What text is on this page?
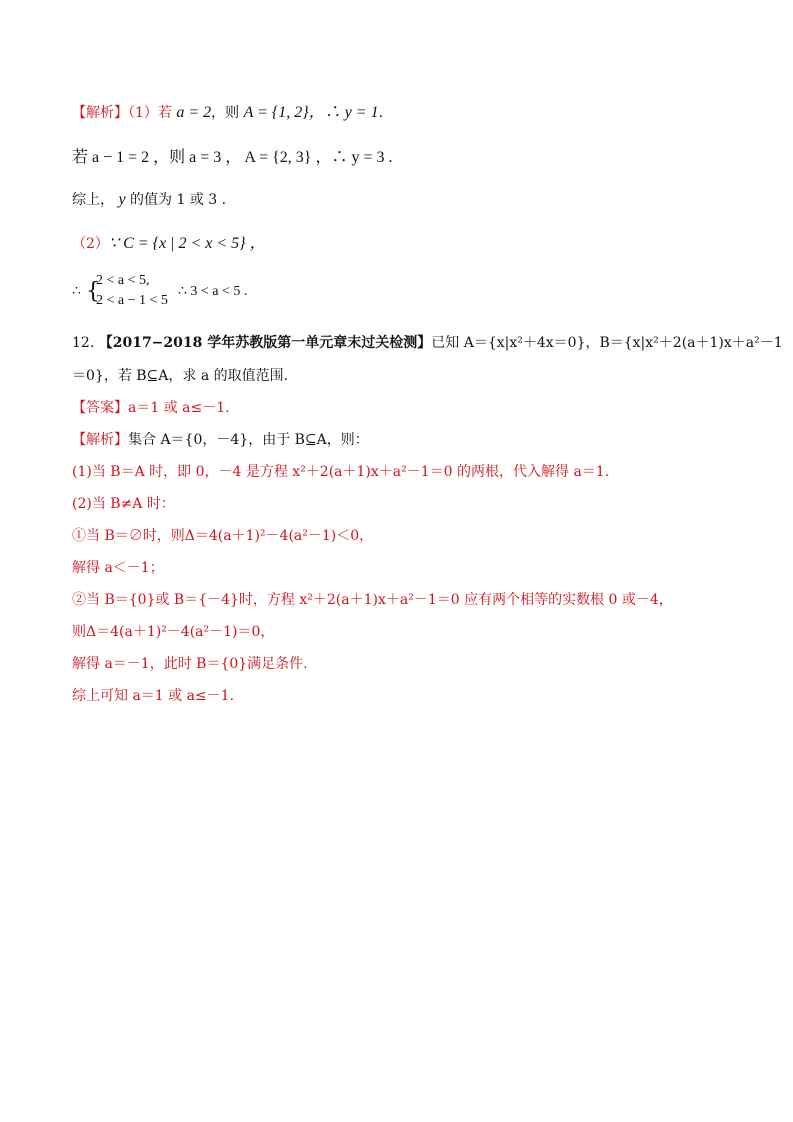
【解析】（1）若 a = 2，则 A = {1, 2}，∴ y = 1.
若 a − 1 = 2 ，则 a = 3 ， A = {2, 3} ，∴ y = 3 .
综上， y 的值为 1 或 3 .
（2）∵ C = {x | 2 < x < 5} ，
∴ {
2 < a < 5,
2 < a − 1 < 5
∴ 3 < a < 5 .
12. 【2017−2018 学年苏教版第一单元章末过关检测】已知 A＝{x|x²＋4x＝0}，B＝{x|x²＋2(a＋1)x＋a²－1
＝0}，若 B⊆A，求 a 的取值范围.
【答案】a＝1 或 a≤－1.
【解析】集合 A＝{0，－4}，由于 B⊆A，则：
(1)当 B＝A 时，即 0，－4 是方程 x²＋2(a＋1)x＋a²－1＝0 的两根，代入解得 a＝1.
(2)当 B≠A 时：
①当 B＝∅时，则Δ＝4(a＋1)²－4(a²－1)＜0，
解得 a＜－1；
②当 B＝{0}或 B＝{－4}时，方程 x²＋2(a＋1)x＋a²－1＝0 应有两个相等的实数根 0 或－4，
则Δ＝4(a＋1)²－4(a²－1)＝0，
解得 a＝－1，此时 B＝{0}满足条件.
综上可知 a＝1 或 a≤－1.
